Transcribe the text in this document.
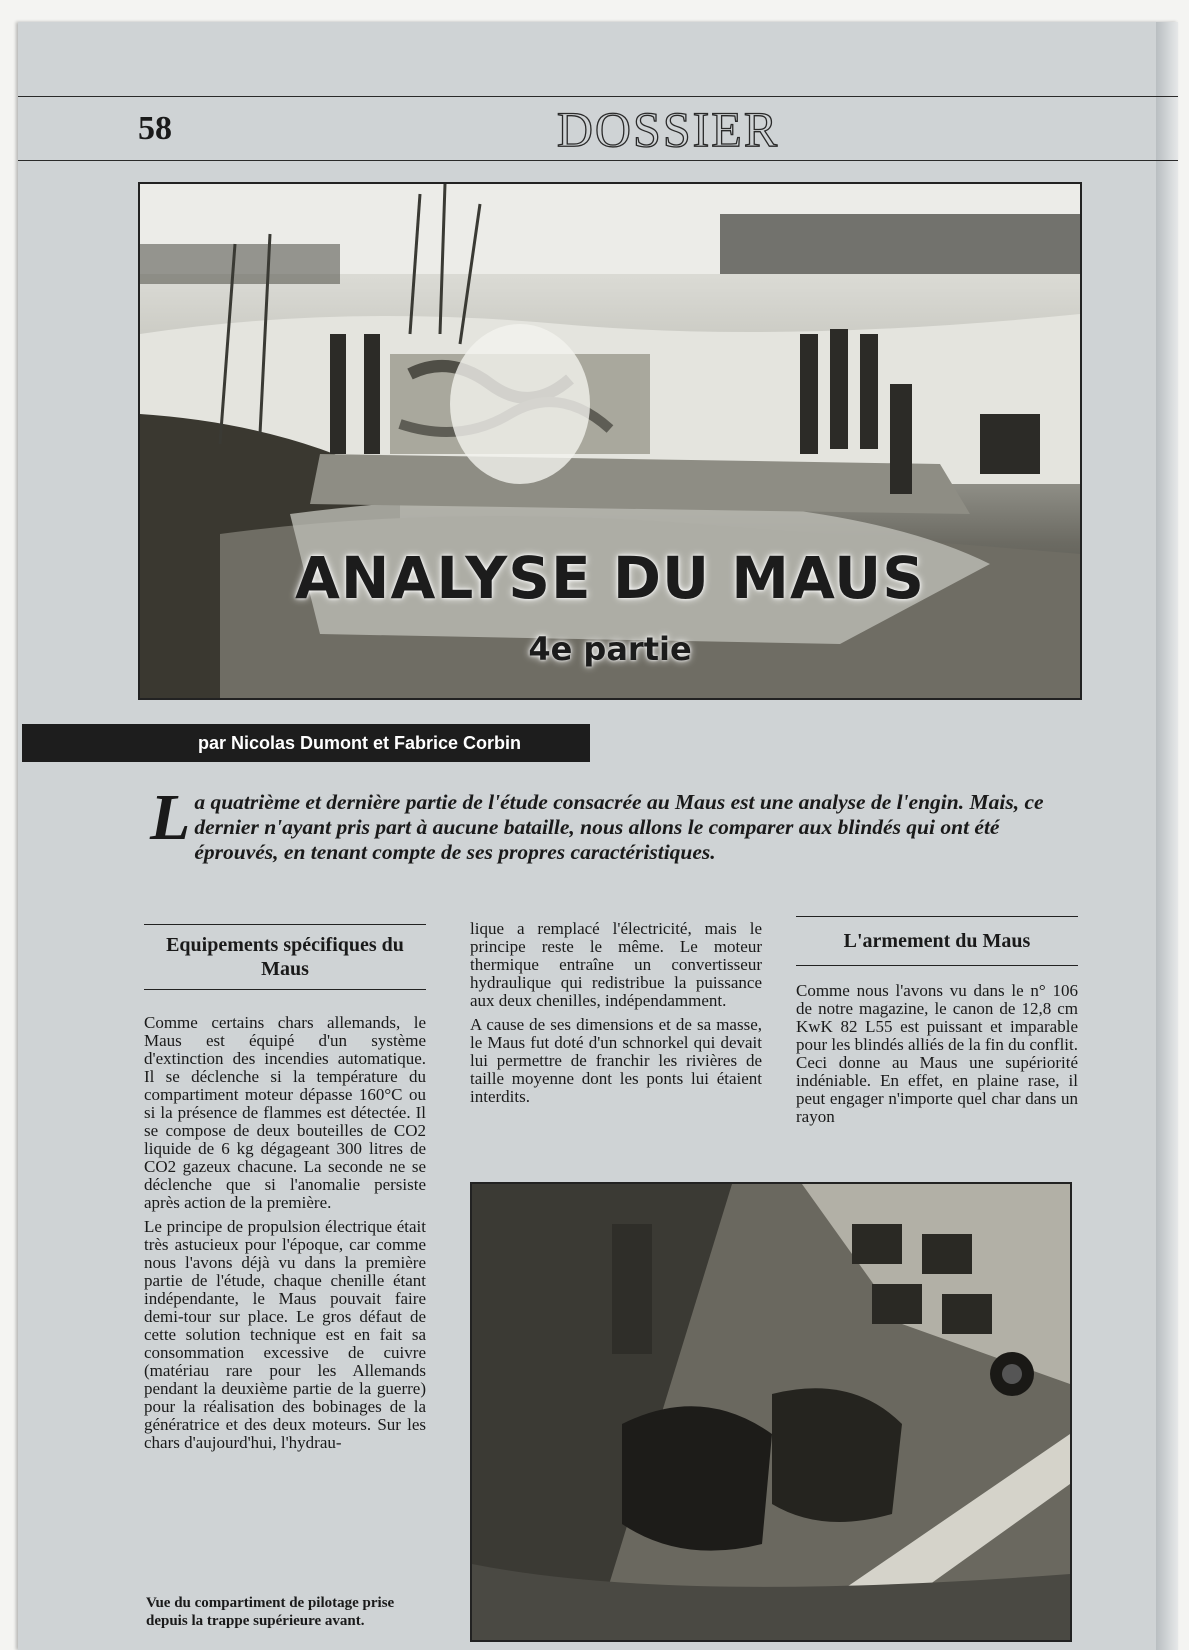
58	DOSSIER
ANALYSE DU MAUS
4e partie
par Nicolas Dumont et Fabrice Corbin
L a quatrième et dernière partie de l'étude consacrée au Maus est une analyse de l'engin. Mais, ce dernier n'ayant pris part à aucune bataille, nous allons le comparer aux blindés qui ont été éprouvés, en tenant compte de ses propres caractéristiques.
Equipements spécifiques du Maus

Comme certains chars allemands, le Maus est équipé d'un système d'extinction des incendies automatique. Il se déclenche si la température du compartiment moteur dépasse 160°C ou si la présence de flammes est détectée. Il se compose de deux bouteilles de CO2 liquide de 6 kg dégageant 300 litres de CO2 gazeux chacune. La seconde ne se déclenche que si l'anomalie persiste après action de la première.

Le principe de propulsion électrique était très astucieux pour l'époque, car comme nous l'avons déjà vu dans la première partie de l'étude, chaque chenille étant indépendante, le Maus pouvait faire demi-tour sur place. Le gros défaut de cette solution technique est en fait sa consommation excessive de cuivre (matériau rare pour les Allemands pendant la deuxième partie de la guerre) pour la réalisation des bobinages de la génératrice et des deux moteurs. Sur les chars d'aujourd'hui, l'hydrau-

lique a remplacé l'électricité, mais le principe reste le même. Le moteur thermique entraîne un convertisseur hydraulique qui redistribue la puissance aux deux chenilles, indépendamment.

A cause de ses dimensions et de sa masse, le Maus fut doté d'un schnorkel qui devait lui permettre de franchir les rivières de taille moyenne dont les ponts lui étaient interdits.

L'armement du Maus

Comme nous l'avons vu dans le n° 106 de notre magazine, le canon de 12,8 cm KwK 82 L55 est puissant et imparable pour les blindés alliés de la fin du conflit. Ceci donne au Maus une supériorité indéniable. En effet, en plaine rase, il peut engager n'importe quel char dans un rayon

Vue du compartiment de pilotage prise depuis la trappe supérieure avant.
